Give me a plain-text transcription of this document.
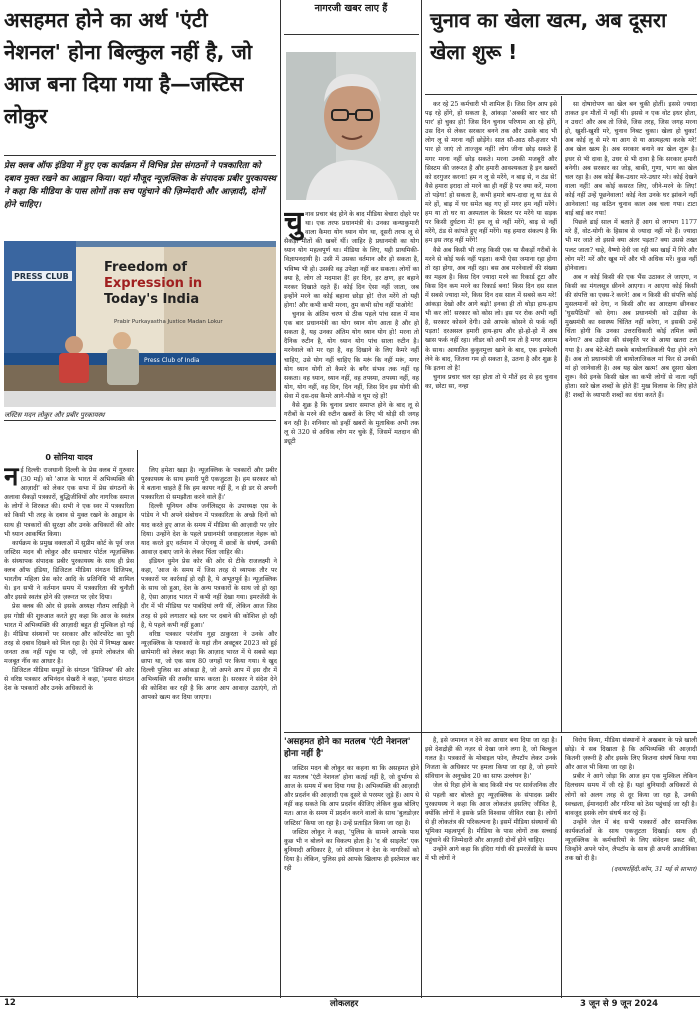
असहमत होने का अर्थ 'एंटी नेशनल' होना बिल्कुल नहीं है, जो आज बना दिया गया है—जस्टिस लोकुर
प्रेस क्लब ऑफ इंडिया में हुए एक कार्यक्रम में विभिन्न प्रेस संगठनों ने पत्रकारिता को दबाव मुक्त रखने का आह्वान किया। यहां मौजूद न्यूज़क्लिक के संपादक प्रबीर पुरकायस्थ ने कहा कि मीडिया के पास लोगों तक सच पहुंचाने की ज़िम्मेदारी और आज़ादी, दोनों होने चाहिए।
PRESS CLUB
Freedom of
Expression in
Today's India
Prabir Purkayastha Justice Madan Lokur
Press Club of India
जस्टिस मदन लोकुर और प्रबीर पुरकायस्थ
0 सोनिया यादव

नई दिल्लीः राजधानी दिल्ली के प्रेस क्लब में गुरुवार (30 मई) को 'आज के भारत में अभिव्यक्ति की आज़ादी' को लेकर एक सभा में प्रेस संगठनों के अलावा सैकड़ों पत्रकारों, बुद्धिजीवियों और नागरिक समाज के लोगों ने शिरकत की। सभी ने एक स्वर में पत्रकारिता को किसी भी तरह के दबाव से मुक्त रखने के आह्वान के साथ ही पत्रकारों की सुरक्षा और उनके अधिकारों की ओर भी ध्यान आकर्षित किया।

कार्यक्रम के प्रमुख वक्ताओं में सुप्रीम कोर्ट के पूर्व जज जस्टिस मदन बी लोकुर और समाचार पोर्टल न्यूज़क्लिक के संस्थापक संपादक प्रबीर पुरकायस्थ के साथ ही प्रेस क्लब ऑफ इंडिया, डिजिटल मीडिया संगठन डिजिपब, भारतीय महिला प्रेस कोर आदि के प्रतिनिधि भी शामिल थे। इन सभी ने वर्तमान समय में पत्रकारिता की चुनौती और इससे स्वतंत्र होने की ज़रूरत पर ज़ोर दिया।

प्रेस क्लब की ओर से इसके अध्यक्ष गौतम लाहिड़ी ने इस गोष्ठी की शुरुआत करते हुए कहा कि आज के स्वतंत्र भारत में अभिव्यक्ति की आज़ादी बहुत ही मुश्किल हो गई है। मीडिया संस्थानों पर सरकार और कॉरपोरेट का पूरी तरह से दबाव दिखने को मिल रहा है। ऐसे में निष्पक्ष खबर जनता तक नहीं पहुंच पा रही, जो हमारे लोकतंत्र की मजबूत नींव का आधार है।

डिजिटल मीडिया समूहों के संगठन 'डिजिपब' की ओर से वरिष्ठ पत्रकार अभिनंदन सेखरी ने कहा, 'हमारा संगठन देश के पत्रकारों और उनके अधिकारों के

लिए हमेशा खड़ा है। न्यूज़क्लिक के पत्रकारों और प्रबीर पुरकायस्थ के साथ हमारी पूरी एकजुटता है। हम सरकार को ये बताना चाहते हैं कि हम कायर नहीं हैं, न ही डर से अपनी पत्रकारिता से समझौता करने वाले हैं।'

दिल्ली यूनियन ऑफ जर्नलिस्ट्स के उपाध्यक्ष एस के पांडेय ने भी अपने संबोधन में पत्रकारिता के अच्छे दिनों को याद करते हुए आज के समय में मीडिया की आज़ादी पर ज़ोर दिया। उन्होंने देश के पहले प्रधानमंत्री जवाहरलाल नेहरू को याद करते हुए वर्तमान में जेएनयू में छात्रों के संघर्ष, उनकी आवाज़ दबाए जाने के लेकर चिंता जाहिर की।

इंडियन वुमेन प्रेस कोर की ओर से टीके राजलक्ष्मी ने कहा, 'आज के समय में जिस तरह से व्यापक तौर पर पत्रकारों पर कार्रवाई हो रही है, ये अभूतपूर्व है। न्यूज़क्लिक के साथ जो हुआ, देश के अन्य पत्रकारों के साथ जो हो रहा है, ऐसा आज़ाद भारत में कभी नहीं देखा गया। इमरजेंसी के दौर में भी मीडिया पर पाबंदियां लगी थीं, लेकिन आज जिस तरह से इसे लगातार बड़े स्तर पर दबाने की कोशिश हो रही है, ये पहले कभी नहीं हुआ।'

वरिष्ठ पत्रकार परंजॉय गुहा ठाकुरता ने उनके और न्यूज़क्लिक के पत्रकारों के यहां तीन अक्टूबर 2023 को हुई छापेमारी को लेकर कहा कि आज़ाद भारत में ये सबसे बड़ा छापा था, जो एक साथ 80 जगहों पर किया गया। ये खुद दिल्ली पुलिस का आंकड़ा है, जो अपने आप में इस दौर में अभिव्यक्ति की तस्वीर साफ करता है। सरकार ने संदेश देने की कोशिश कर रही है कि अगर आप आवाज़ उठाएंगे, तो आपको खत्म कर दिया जाएगा।

नागरजी खबर लाए हैं

चुनाव प्रचार बंद होने के बाद मीडिया बेचारा दोहरे पर था। एक तरफ प्रधानमंत्री थे। उनका कन्याकुमारी वाला कैमरा योग ध्यान योग था, दूसरी तरफ लू से सैकड़ों मौतों की खबरें थीं। जाहिर है प्रधानमंत्री का योग ध्यान योग महत्वपूर्ण था। मीडिया के लिए, यही प्राथमिकी-विज्ञापनदायी है। उसी में उसका वर्तमान और हो सकता है, भविष्य भी हो। उसकी वह उपेक्षा नहीं कर सकता। लोगों का क्या है, लोग तो मदमाश हैं! हर दिन, हर क्षण, हर बहाने मरकर दिखाते रहते हैं। कोई दिन ऐसा नहीं जाता, जब इन्होंने मरने का कोई बहाना छोड़ा हो! रोज मरेंगे तो यही होगा! और कभी कभी मरना, तुम कभी सोच नहीं पाओगे!

चुनाव के अंतिम चरण से ठीक पहले पांच साल में माव एक बार प्रधानमंत्री का योग ध्यान योग आता है और हो सकता है, यह उनका अंतिम योग ध्यान योग हो! मरना तो दैनिक रुटीन है, योग ध्यान योग पांच साला रुटीन है। मरनेवाले को मर रहा है, वह दिखाने के लिए कैमरे नहीं चाहिए, उसे योग नहीं चाहिए कि मरूं कि नहीं मरूं, मगर योग ध्यान योगी तो कैमरे के बगैर संभव तक नहीं रह सकता। वह ध्यान, ध्यान नहीं, वह तपस्या, तपस्या नहीं, वह योग, योग नहीं, वह दिन, दिन नहीं, जिस दिन इस योगी की सेवा में दस-दस कैमरे आगे-पीछे न घूम रहे हों!

वैसे शुक्र है कि चुनाव प्रचार समाप्त होने के बाद लू से गरीबों के मरने की रुटीन खबरों के लिए भी थोड़ी सी जगह बन रही है। शनिवार को इन्हीं खबरों के मुताबिक अभी तक लू से 320 से अधिक लोग मर चुके हैं, जिसमें मतदान की ड्यूटी

चुनाव का खेला खत्म, अब दूसरा खेला शुरू !

कर रहे 25 कर्मचारी भी शामिल हैं। जिस दिन आप इसे पढ़ रहे होंगे, हो सकता है, आंकड़ा 'अबकी बार चार सौ पार' हो चुका हो! जिस दिन चुनाव परिणाम आ रहे होंगे, उस दिन से लेकर सरकार बनने तक और उसके बाद भी लोग लू से मरना नहीं छोड़ेंगे। सात सौ-आठ सौ-हजार भी पार हो जाएं तो ताज्जुब नहीं! लोग जीना छोड़ सकते हैं मगर मरना नहीं छोड़ सकते। मरना उनकी मजबूरी और सिस्टम की जरूरत है और हमारी आवश्यकता है इन खबरों को दरगुजर करना! हम न लू से मरेंगे, न बाढ़ से, न ठंड से! वैसे हमारा इरादा तो मरने का ही नहीं है पर क्या करें, मरना तो पड़ेगा! हो सकता है, कभी हमारे बाप-दादा लू या ठंड से मरे हों, बाढ़ में घर समेत बह गए हों मगर हम नहीं मरेंगे। हम या तो घर या अस्पताल के बिस्तर पर मरेंगे या सड़क पर किसी दुर्घटना में! हम लू से नहीं मरेंगे, बाढ़ से नहीं मरेंगे, ठंड से कांपते हुए नहीं मरेंगे। यह हमारा संकल्प है कि हम इस तरह नहीं मरेंगे!

वैसे अब किसी भी तरह किसी एक या सैकड़ों गरीबों के मरने से कोई फर्क नहीं पड़ता। कभी ऐसा जमाना रहा होगा तो रहा होगा, अब नहीं रहा। बस अब मरनेवालों की संख्या का महत्व है। किस दिन ज्यादा मरने का रिकार्ड टूटा और किस दिन कम मरने का रिकार्ड बना! किस दिन दस साल में सबसे ज्यादा मरे, किस दिन दस साल में सबसे कम मरे! आंकड़ा देखो और आगे बढ़ो! इनका ही तो थोड़ा हाय-हाय भी कर लो! सरकार को कोस लो। इस पर रोक अभी नहीं है, सरकार कोसने देगी। उसे आपके कोसने से फर्क नहीं पड़ता! दरअसल हमारी हाय-हाय और हो-हो-हो में अब खास फर्क नहीं रहा। लीडर को अभी गम तो है मगर आराम के साथ। आयातित कुकुरमुत्ता खाने के बाद, एक इमफेली लेने के बाद, जितना गम हो सकता है, उतना है और शुक्र है कि इतना तो है!

चुनाव प्रचार चल रहा होता तो ये मौतें हद से हद चुनाव का, छोटा सा, नन्हा

सा दोषारोपण का खेल बन चुकी होतीं। इससे ज्यादा ताकत इन मौतों में नहीं थी। इससे न एक वोट इधर होता, न उधर! और अब तो जिसे, जिस तरह, जिस जगह मरना हो, खुशी-खुशी मरे, चुनाव निबट चुका। खेला हो चुका! अब कोई लू से मरे या आग से या आत्महत्या करके मरे! अब खेल खत्म है। अब सरकार बनाने का खेल शुरू है। इधर से भी दावा है, उधर से भी दावा है कि सरकार हमारी बनेगी। अब सरकार का जोड़, बाकी, गुणा, भाग का खेल चल रहा है। अब कोई बैंक-उधार मरे-उधार मरे। कोई देखने वाला नहीं! अब कोई कसरत लिए, जीने-मरने के लिए! कोई नहीं उन्हें पूछनेवाला! कोई नेता उनके घर झांकने नहीं आनेवाला! वह कठिन चुनाव काल अब चला गया। टाटा बाई बाई कर गया!

पिछले ढाई साल में बताते हैं आग से लगभग 1177 मरे हैं, वोट-योगी के हिसाब से ज्यादा नहीं मरे हैं। ज्यादा भी मर जाते तो इससे क्या अंतर पड़ता? क्या उससे तख्त पलट जाता? चाहे, वैष्णो देवी जा रही बस खाई में गिरे और लोग मरें! मरें और खूब मरें और भी अधिक मरें। कुछ नहीं होनेवाला।

अब न कोई किसी की एक भैंस उठाकर ले जाएगा, न किसी का मंगलसूत्र छीनने आएगा। न आएगा कोई किसी की संपत्ति का एक्स-रे करने! अब न किसी की संपत्ति कोई मुसलमानों को देगा, न किसी और का आरक्षण छीनकर 'घुसपैठियों' को देगा। अब प्रधानमंत्री को उड़ीसा के मुख्यमंत्री का स्वास्थ्य चिंतित नहीं करेगा, न इसकी उन्हें चिंता होगी कि उनका उत्तराधिकारी कोई तमिल क्यों बनेगा? अब उड़ीसा की संस्कृति पर से आया खतरा टल गया है। अब बेटे-बेटी सबके बायोलाजिकली पैदा होने लगे हैं। अब तो प्रधानमंत्री जी बायोलाजिकल मां फिर से उनकी मां हो जानेवाली है। अब यह खेल खत्म! अब दूसरा खेला शुरू। वैसे इनके किसी खेल का कभी लोगों से नाता नहीं होता। सारे खेल शब्दों के होते हैं! मुख विलास के लिए होते हैं! शब्दों के व्यापारी शब्दों का धंधा करते हैं।

'असहमत होने का मतलब 'एंटी नेशनल' होना नहीं है'

जस्टिस मदन बी लोकुर का कहना था कि असहमत होने का मतलब 'एंटी नेशनल' होना कतई नहीं है, जो दुर्भाग्य से आज के समय में बना दिया गया है। अभिव्यक्ति की आज़ादी और प्रदर्शन की आज़ादी एक दूसरे से परस्पर जुड़े हैं। आप ये नहीं कह सकते कि आप प्रदर्शन कीजिए लेकिन कुछ बोलिए मत। आज के समय में प्रदर्शन करने वालों के साथ 'बुलडोज़र जस्टिस' किया जा रहा है। उन्हें प्रताड़ित किया जा रहा है।

जस्टिस लोकुर ने कहा, 'पुलिस के सामने आपके पास कुछ भी न बोलने का विकल्प होता है। 'द बी साइलेंट' एक बुनियादी अधिकार है, जो संविधान ने देश के नागरिकों को दिया है। लेकिन, पुलिस इसे आपके खिलाफ ही इस्तेमाल कर रही

है, इसे जमानत न देने का आधार बना दिया जा रहा है। इसे देशद्रोही की नज़र से देखा जाने लगा है, जो बिल्कुल गलत है। पत्रकारों के मोबाइल फोन, लैपटॉप लेकर उनके निजता के अधिकार पर हमला किया जा रहा है, जो हमारे संविधान के अनुच्छेद 20 का साफ उल्लंघन है।'

जेल से रिहा होने के बाद किसी मंच पर सार्वजनिक तौर से पहली बार बोलते हुए न्यूज़क्लिक के संपादक प्रबीर पुरकायस्थ ने कहा कि आज लोकतंत्र इसलिए जीवित है, क्योंकि लोगों ने इसके प्रति विश्वास जीवित रखा है। लोगों से ही लोकतंत्र की परिकल्पना है। इसमें मीडिया संस्थानों की भूमिका महत्वपूर्ण है। मीडिया के पास लोगों तक सच्चाई पहुंचाने की जिम्मेदारी और आज़ादी दोनों होने चाहिए।

उन्होंने आगे कहा कि इंदिरा गांधी की इमरजेंसी के समय में भी लोगों ने

विरोध किया, मीडिया संस्थानों ने अखबार के पन्ने खाली छोड़े। ये सब दिखाता है कि अभिव्यक्ति की आज़ादी कितनी ज़रूरी है और इसके लिए कितना संघर्ष किया गया और आज भी किया जा रहा है।

प्रबीर ने आगे जोड़ा कि आज हम एक मुश्किल लेकिन दिलचस्प समय में जी रहे हैं। यहां बुनियादी अधिकारों से लोगों को अलग तरह से दूर किया जा रहा है, उनकी स्वच्छता, ईमानदारी और गरिमा को ठेस पहुंचाई जा रही है। बावजूद इसके लोग संघर्ष कर रहे हैं।

उन्होंने जेल में बंद सभी पत्रकारों और सामाजिक कार्यकर्ताओं के साथ एकजुटता दिखाई। साथ ही न्यूज़क्लिक के कर्मचारियों के लिए संवेदना प्रकट की, जिन्होंने अपने फोन, लैपटॉप के साथ ही अपनी आजीविका तक खो दी है।

(दवायरहिंदी.कॉम, 31 मई से साभार)
12	लोकलहर	3 जून से 9 जून 2024
